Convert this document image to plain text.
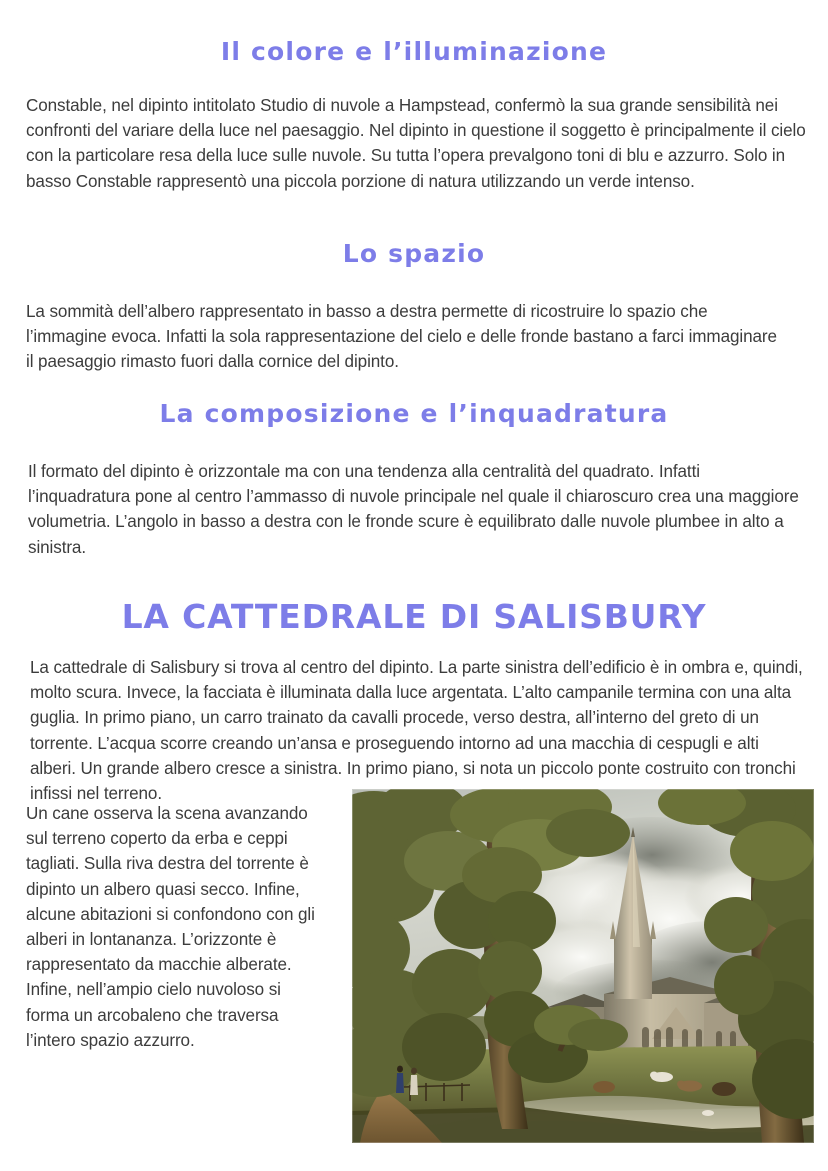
Il colore e l’illuminazione

Constable, nel dipinto intitolato Studio di nuvole a Hampstead, confermò la sua grande sensibilità nei confronti del variare della luce nel paesaggio. Nel dipinto in questione il soggetto è principalmente il cielo con la particolare resa della luce sulle nuvole. Su tutta l’opera prevalgono toni di blu e azzurro. Solo in basso Constable rappresentò una piccola porzione di natura utilizzando un verde intenso.

Lo spazio

La sommità dell’albero rappresentato in basso a destra permette di ricostruire lo spazio che l’immagine evoca. Infatti la sola rappresentazione del cielo e delle fronde bastano a farci immaginare il paesaggio rimasto fuori dalla cornice del dipinto.

La composizione e l’inquadratura

Il formato del dipinto è orizzontale ma con una tendenza alla centralità del quadrato. Infatti l’inquadratura pone al centro l’ammasso di nuvole principale nel quale il chiaroscuro crea una maggiore volumetria. L’angolo in basso a destra con le fronde scure è equilibrato dalle nuvole plumbee in alto a sinistra.

LA CATTEDRALE DI SALISBURY

La cattedrale di Salisbury si trova al centro del dipinto. La parte sinistra dell’edificio è in ombra e, quindi, molto scura. Invece, la facciata è illuminata dalla luce argentata. L’alto campanile termina con una alta guglia. In primo piano, un carro trainato da cavalli procede, verso destra, all’interno del greto di un torrente. L’acqua scorre creando un’ansa e proseguendo intorno ad una macchia di cespugli e alti alberi. Un grande albero cresce a sinistra. In primo piano, si nota un piccolo ponte costruito con tronchi infissi nel terreno.

Un cane osserva la scena avanzando sul terreno coperto da erba e ceppi tagliati. Sulla riva destra del torrente è dipinto un albero quasi secco. Infine, alcune abitazioni si confondono con gli alberi in lontananza. L’orizzonte è rappresentato da macchie alberate. Infine, nell’ampio cielo nuvoloso si forma un arcobaleno che traversa l’intero spazio azzurro.
